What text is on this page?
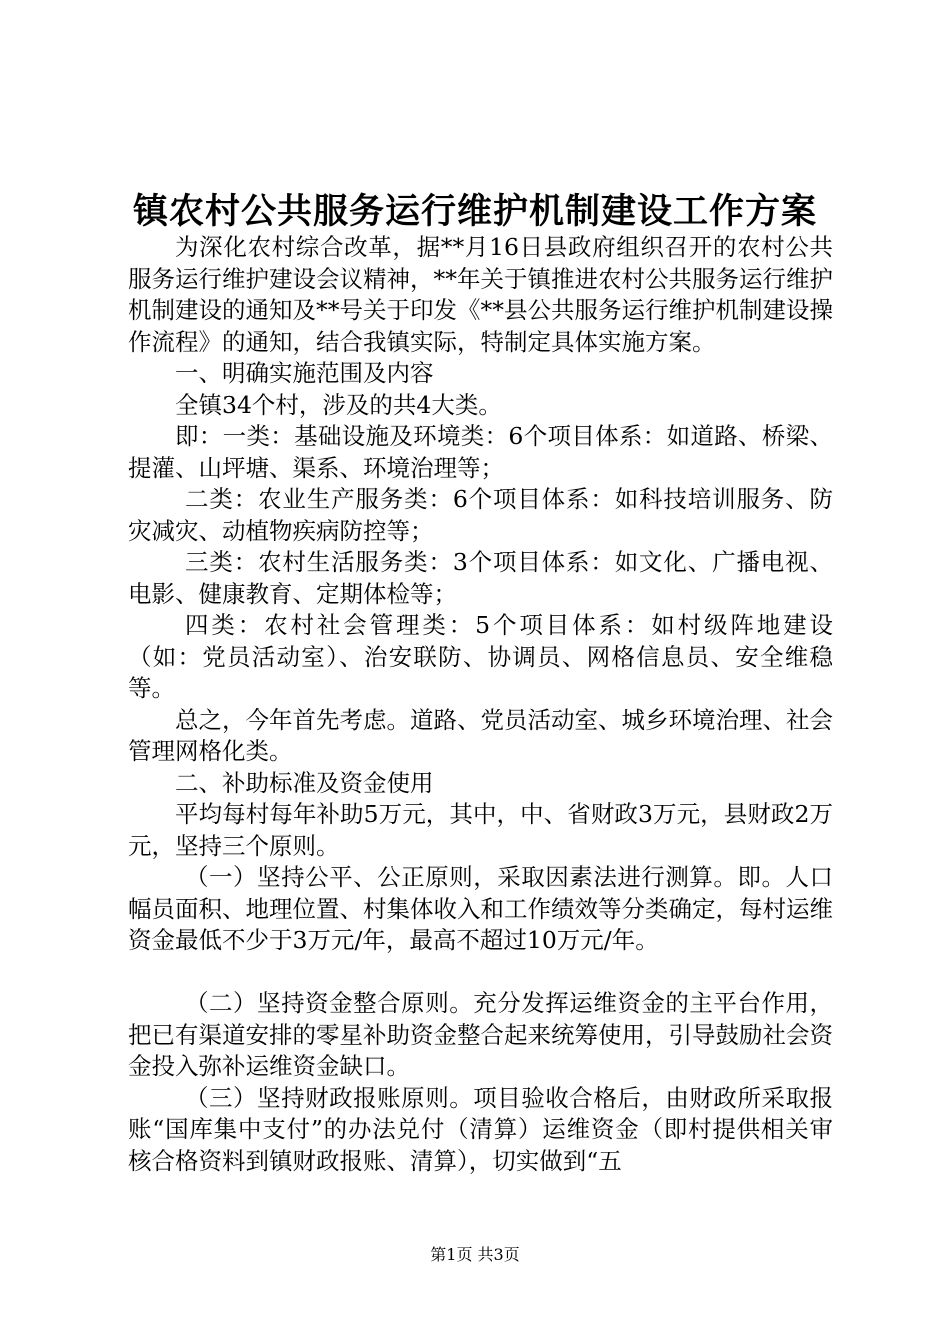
镇农村公共服务运行维护机制建设工作方案

为深化农村综合改革，据**月16日县政府组织召开的农村公共服务运行维护建设会议精神，**年关于镇推进农村公共服务运行维护机制建设的通知及**号关于印发《**县公共服务运行维护机制建设操作流程》的通知，结合我镇实际，特制定具体实施方案。

一、明确实施范围及内容

全镇34个村，涉及的共4大类。

即：一类：基础设施及环境类：6个项目体系：如道路、桥梁、提灌、山坪塘、渠系、环境治理等；

二类：农业生产服务类：6个项目体系：如科技培训服务、防灾减灾、动植物疾病防控等；

三类：农村生活服务类：3个项目体系：如文化、广播电视、电影、健康教育、定期体检等；

四类：农村社会管理类：5个项目体系：如村级阵地建设（如：党员活动室）、治安联防、协调员、网格信息员、安全维稳等。

总之，今年首先考虑。道路、党员活动室、城乡环境治理、社会管理网格化类。

二、补助标准及资金使用

平均每村每年补助5万元，其中，中、省财政3万元，县财政2万元，坚持三个原则。

（一）坚持公平、公正原则，采取因素法进行测算。即。人口幅员面积、地理位置、村集体收入和工作绩效等分类确定，每村运维资金最低不少于3万元/年，最高不超过10万元/年。

（二）坚持资金整合原则。充分发挥运维资金的主平台作用，把已有渠道安排的零星补助资金整合起来统筹使用，引导鼓励社会资金投入弥补运维资金缺口。

（三）坚持财政报账原则。项目验收合格后，由财政所采取报账“国库集中支付”的办法兑付（清算）运维资金（即村提供相关审核合格资料到镇财政报账、清算），切实做到“五

第1页 共3页
